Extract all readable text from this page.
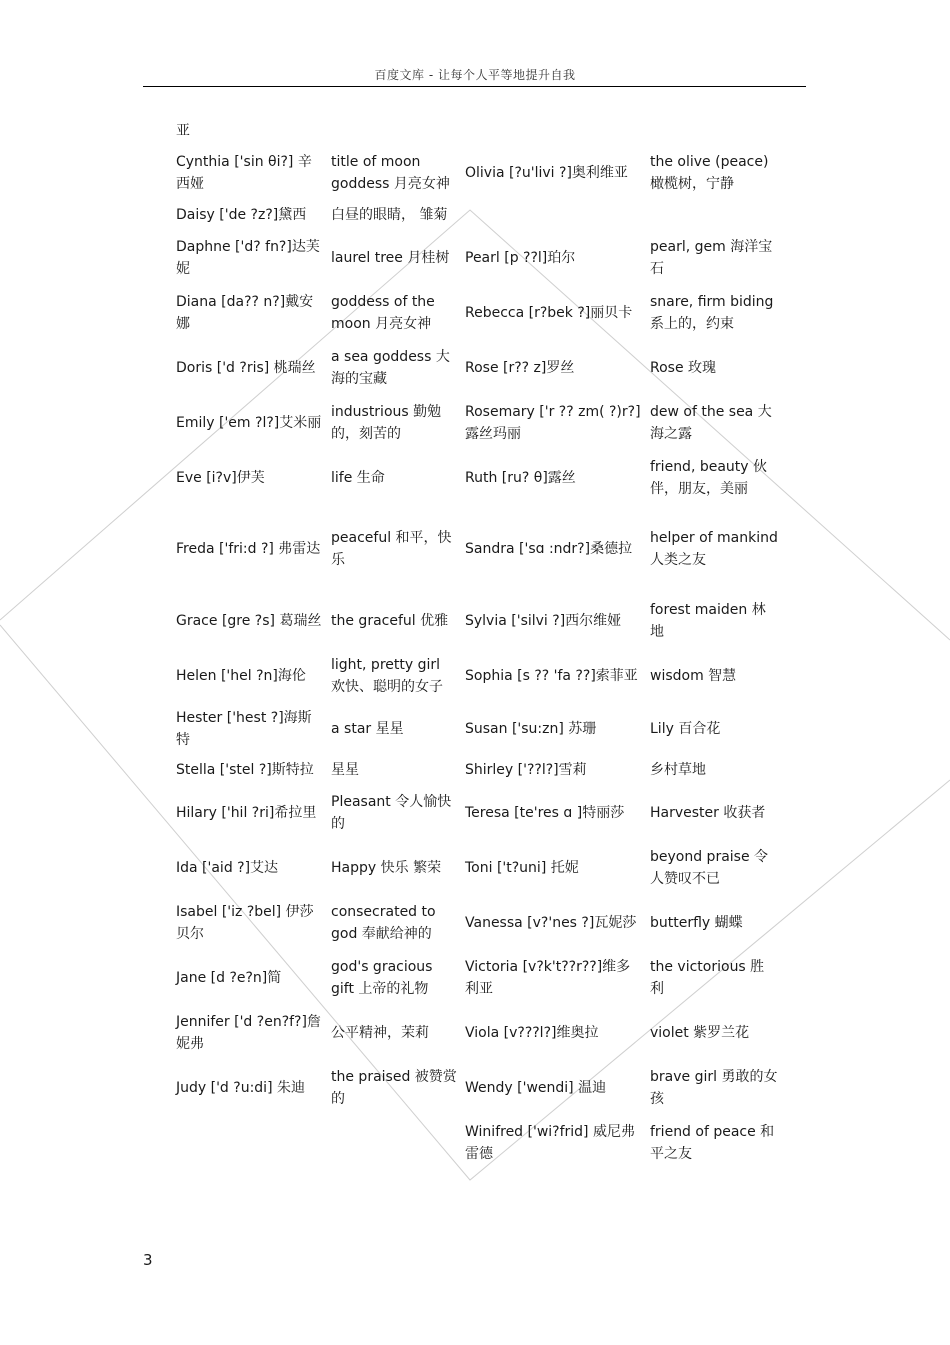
百度文库 - 让每个人平等地提升自我
亚
Cynthia ['sin θi?] 辛西娅	title of moon goddess 月亮女神	Olivia [?u'livi ?]奥利维亚	the olive (peace) 橄榄树，宁静
Daisy ['de ?z?]黛西	白昼的眼睛， 雏菊		
Daphne ['d? fn?]达芙妮	laurel tree 月桂树	Pearl [p ??l]珀尔	pearl, gem 海洋宝石
Diana [da?? n?]戴安娜	goddess of the moon 月亮女神	Rebecca [r?bek ?]丽贝卡	snare, firm biding 系上的，约束
Doris ['d ?ris] 桃瑞丝	a sea goddess 大海的宝藏	Rose [r?? z]罗丝	Rose 玫瑰
Emily ['em ?l?]艾米丽	industrious 勤勉的，刻苦的	Rosemary ['r ?? zm( ?)r?]露丝玛丽	dew of the sea 大海之露
Eve [i?v]伊芙	life 生命	Ruth [ru? θ]露丝	friend, beauty 伙伴，朋友，美丽
Freda ['fri:d ?] 弗雷达	peaceful 和平，快乐	Sandra ['sɑ :ndr?]桑德拉	helper of mankind 人类之友
Grace [gre ?s] 葛瑞丝	the graceful 优雅	Sylvia ['silvi ?]西尔维娅	forest maiden 林地
Helen ['hel ?n]海伦	light, pretty girl 欢快、聪明的女子	Sophia [s ?? 'fa ??]索菲亚	wisdom 智慧
Hester ['hest ?]海斯特	a star 星星	Susan ['su:zn] 苏珊	Lily 百合花
Stella ['stel ?]斯特拉	星星	Shirley ['??l?]雪莉	乡村草地
Hilary ['hil ?ri]希拉里	Pleasant 令人愉快的	Teresa [te'res ɑ ]特丽莎	Harvester 收获者
Ida ['aid ?]艾达	Happy 快乐 繁荣	Toni ['t?uni] 托妮	beyond praise 令人赞叹不已
Isabel ['iz ?bel] 伊莎贝尔	consecrated to god 奉献给神的	Vanessa [v?'nes ?]瓦妮莎	butterfly 蝴蝶
Jane [d ?e?n]简	god's gracious gift 上帝的礼物	Victoria [v?k't??r??]维多利亚	the victorious 胜利
Jennifer ['d ?en?f?]詹妮弗	公平精神，茉莉	Viola [v???l?]维奥拉	violet 紫罗兰花
Judy ['d ?u:di] 朱迪	the praised 被赞赏的	Wendy ['wendi] 温迪	brave girl 勇敢的女孩
		Winifred ['wi?frid] 威尼弗雷德	friend of peace 和平之友
3
